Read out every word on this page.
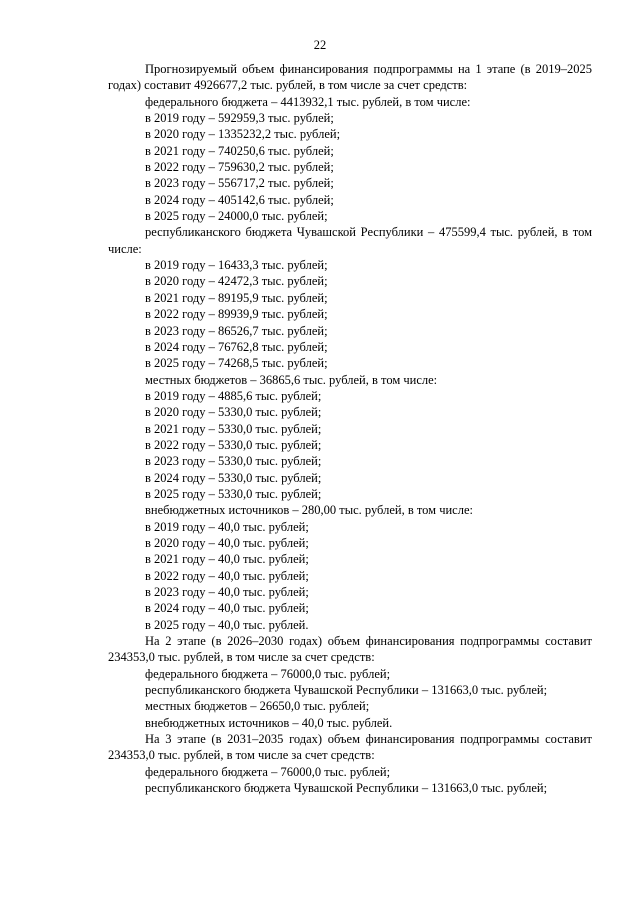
22

Прогнозируемый объем финансирования подпрограммы на 1 этапе (в 2019–2025 годах) составит 4926677,2 тыс. рублей, в том числе за счет средств:

федерального бюджета – 4413932,1 тыс. рублей, в том числе:

в 2019 году – 592959,3 тыс. рублей;

в 2020 году – 1335232,2 тыс. рублей;

в 2021 году – 740250,6 тыс. рублей;

в 2022 году – 759630,2 тыс. рублей;

в 2023 году – 556717,2 тыс. рублей;

в 2024 году – 405142,6 тыс. рублей;

в 2025 году – 24000,0 тыс. рублей;

республиканского бюджета Чувашской Республики – 475599,4 тыс. рублей, в том числе:

в 2019 году – 16433,3 тыс. рублей;

в 2020 году – 42472,3 тыс. рублей;

в 2021 году – 89195,9 тыс. рублей;

в 2022 году – 89939,9 тыс. рублей;

в 2023 году – 86526,7 тыс. рублей;

в 2024 году – 76762,8 тыс. рублей;

в 2025 году – 74268,5 тыс. рублей;

местных бюджетов – 36865,6 тыс. рублей, в том числе:

в 2019 году – 4885,6 тыс. рублей;

в 2020 году – 5330,0 тыс. рублей;

в 2021 году – 5330,0 тыс. рублей;

в 2022 году – 5330,0 тыс. рублей;

в 2023 году – 5330,0 тыс. рублей;

в 2024 году – 5330,0 тыс. рублей;

в 2025 году – 5330,0 тыс. рублей;

внебюджетных источников – 280,00 тыс. рублей, в том числе:

в 2019 году – 40,0 тыс. рублей;

в 2020 году – 40,0 тыс. рублей;

в 2021 году – 40,0 тыс. рублей;

в 2022 году – 40,0 тыс. рублей;

в 2023 году – 40,0 тыс. рублей;

в 2024 году – 40,0 тыс. рублей;

в 2025 году – 40,0 тыс. рублей.

На 2 этапе (в 2026–2030 годах) объем финансирования подпрограммы составит 234353,0 тыс. рублей, в том числе за счет средств:

федерального бюджета – 76000,0 тыс. рублей;

республиканского бюджета Чувашской Республики – 131663,0 тыс. рублей;

местных бюджетов – 26650,0 тыс. рублей;

внебюджетных источников – 40,0 тыс. рублей.

На 3 этапе (в 2031–2035 годах) объем финансирования подпрограммы составит 234353,0 тыс. рублей, в том числе за счет средств:

федерального бюджета – 76000,0 тыс. рублей;

республиканского бюджета Чувашской Республики – 131663,0 тыс. рублей;
